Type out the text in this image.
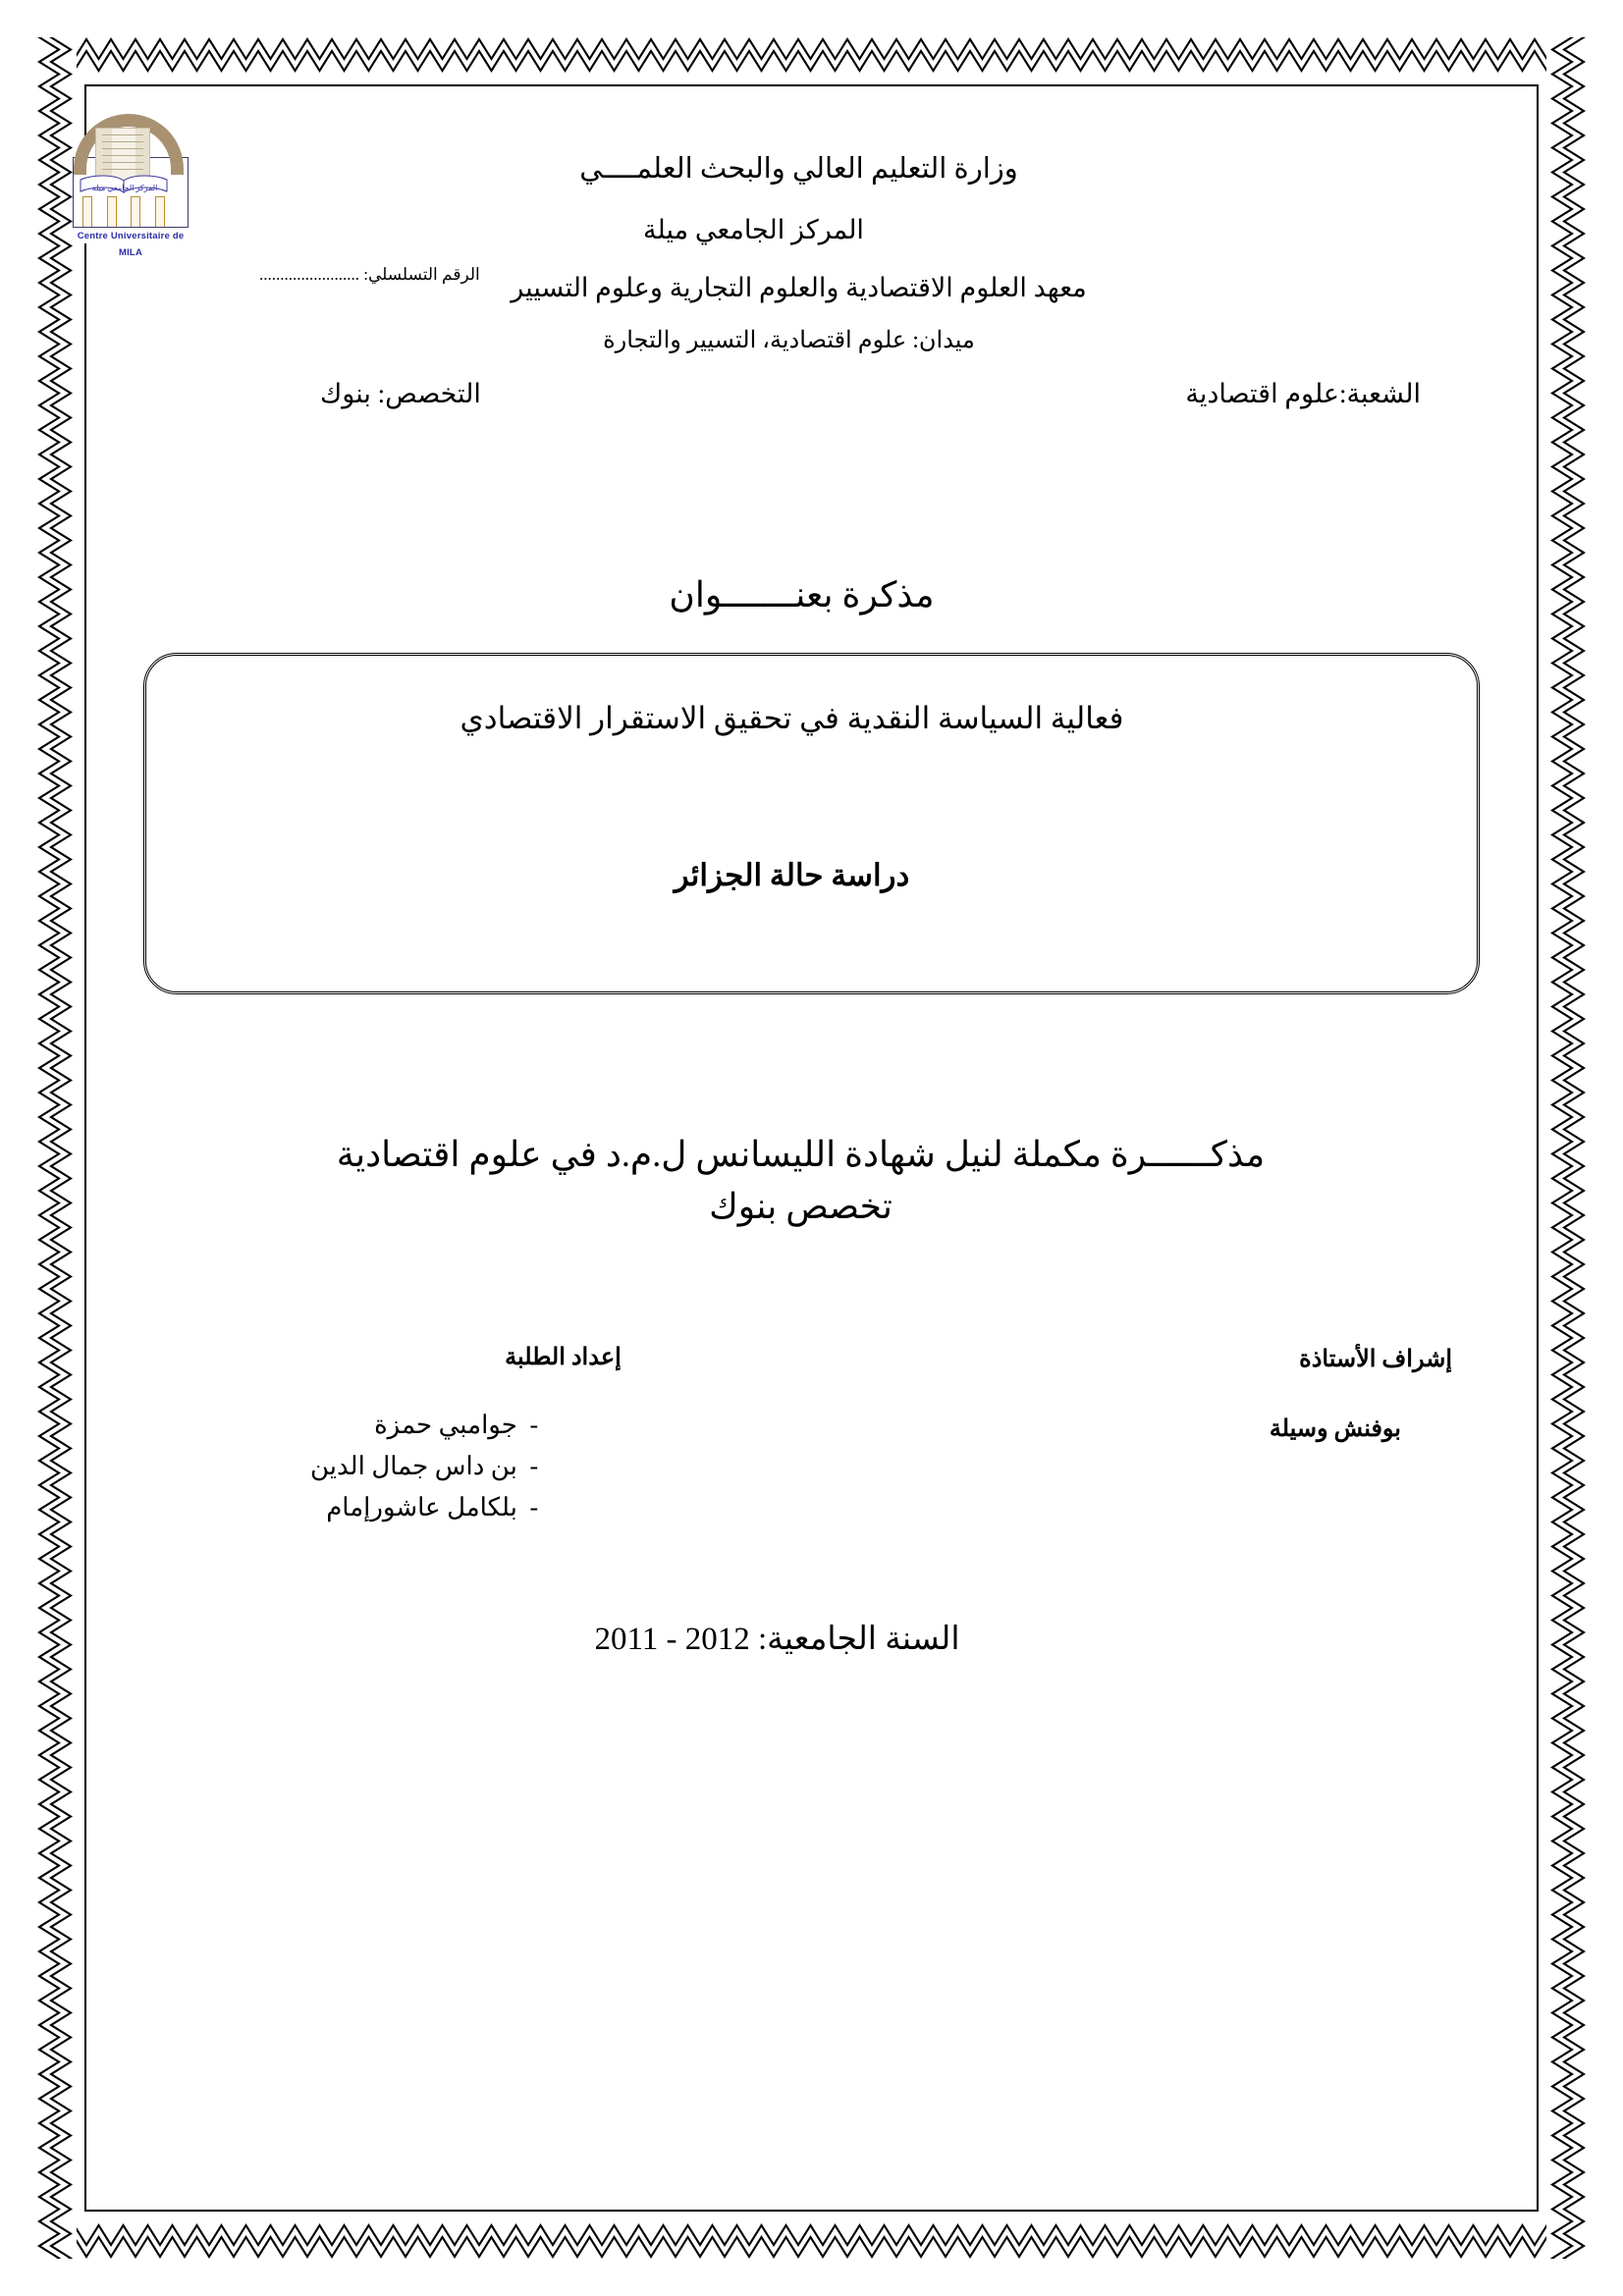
المركز الجامعي ميلة
Centre Universitaire de MILA
وزارة التعليم العالي والبحث العلمــــي
الرقم التسلسلي: ........................
المركز الجامعي ميلة
معهد العلوم الاقتصادية والعلوم التجارية وعلوم التسيير
ميدان: علوم اقتصادية، التسيير والتجارة
الشعبة:علوم اقتصادية
التخصص: بنوك
مذكرة بعنـــــــوان
فعالية السياسة النقدية في تحقيق الاستقرار الاقتصادي
دراسة حالة الجزائر
مذكــــــرة مكملة لنيل شهادة الليسانس ل.م.د في علوم اقتصادية
تخصص بنوك
إشراف الأستاذة
بوفنش وسيلة
إعداد الطلبة
-جوامبي حمزة
-بن داس جمال الدين
-بلكامل عاشورإمام
السنة الجامعية: 2011 - 2012
